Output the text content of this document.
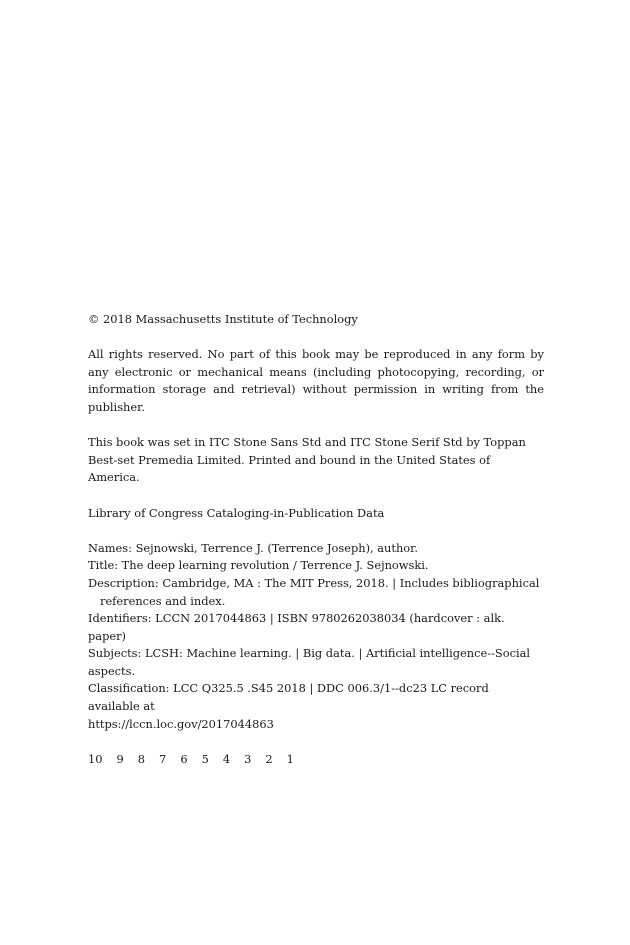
© 2018 Massachusetts Institute of Technology

All rights reserved. No part of this book may be reproduced in any form by any electronic or mechanical means (including photocopying, recording, or information storage and retrieval) without permission in writing from the publisher.

This book was set in ITC Stone Sans Std and ITC Stone Serif Std by Toppan Best-set Premedia Limited. Printed and bound in the United States of America.

Library of Congress Cataloging-in-Publication Data

Names: Sejnowski, Terrence J. (Terrence Joseph), author.
Title: The deep learning revolution / Terrence J. Sejnowski.
Description: Cambridge, MA : The MIT Press, 2018. | Includes bibliographical
references and index.
Identifiers: LCCN 2017044863 | ISBN 9780262038034 (hardcover : alk. paper)
Subjects: LCSH: Machine learning. | Big data. | Artificial intelligence--Social aspects.
Classification: LCC Q325.5 .S45 2018 | DDC 006.3/1--dc23 LC record available at
https://lccn.loc.gov/2017044863
10 9 8 7 6 5 4 3 2 1
